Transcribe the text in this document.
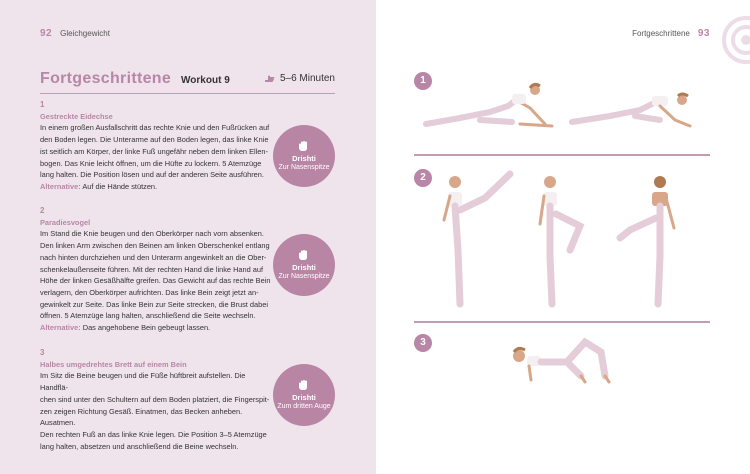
92 Gleichgewicht
Fortgeschrittene Workout 9	5–6 Minuten
1
Gestreckte Eidechse
In einem großen Ausfallschritt das rechte Knie und den Fußrücken auf
den Boden legen. Die Unterarme auf den Boden legen, das linke Knie
ist seitlich am Körper, der linke Fuß ungefähr neben dem linken Ellen-
bogen. Das Knie leicht öffnen, um die Hüfte zu lockern. 5 Atemzüge
lang halten. Die Position lösen und auf der anderen Seite ausführen.
Alternative: Auf die Hände stützen.
Drishti
Zur Nasenspitze
2
Paradiesvogel
Im Stand die Knie beugen und den Oberkörper nach vorn absenken.
Den linken Arm zwischen den Beinen am linken Oberschenkel entlang
nach hinten durchziehen und den Unterarm angewinkelt an die Ober-
schenkelaußenseite führen. Mit der rechten Hand die linke Hand auf
Höhe der linken Gesäßhälfte greifen. Das Gewicht auf das rechte Bein
verlagern, den Oberkörper aufrichten. Das linke Bein zeigt jetzt an-
gewinkelt zur Seite. Das linke Bein zur Seite strecken, die Brust dabei
öffnen. 5 Atemzüge lang halten, anschließend die Seite wechseln.
Alternative: Das angehobene Bein gebeugt lassen.
Drishti
Zur Nasenspitze
3
Halbes umgedrehtes Brett auf einem Bein
Im Sitz die Beine beugen und die Füße hüftbreit aufstellen. Die Handflä-
chen sind unter den Schultern auf dem Boden platziert, die Fingerspit-
zen zeigen Richtung Gesäß. Einatmen, das Becken anheben. Ausatmen.
Den rechten Fuß an das linke Knie legen. Die Position 3–5 Atemzüge
lang halten, absetzen und anschließend die Beine wechseln.
Drishti
Zum dritten Auge
Fortgeschrittene 93
1
2
3
